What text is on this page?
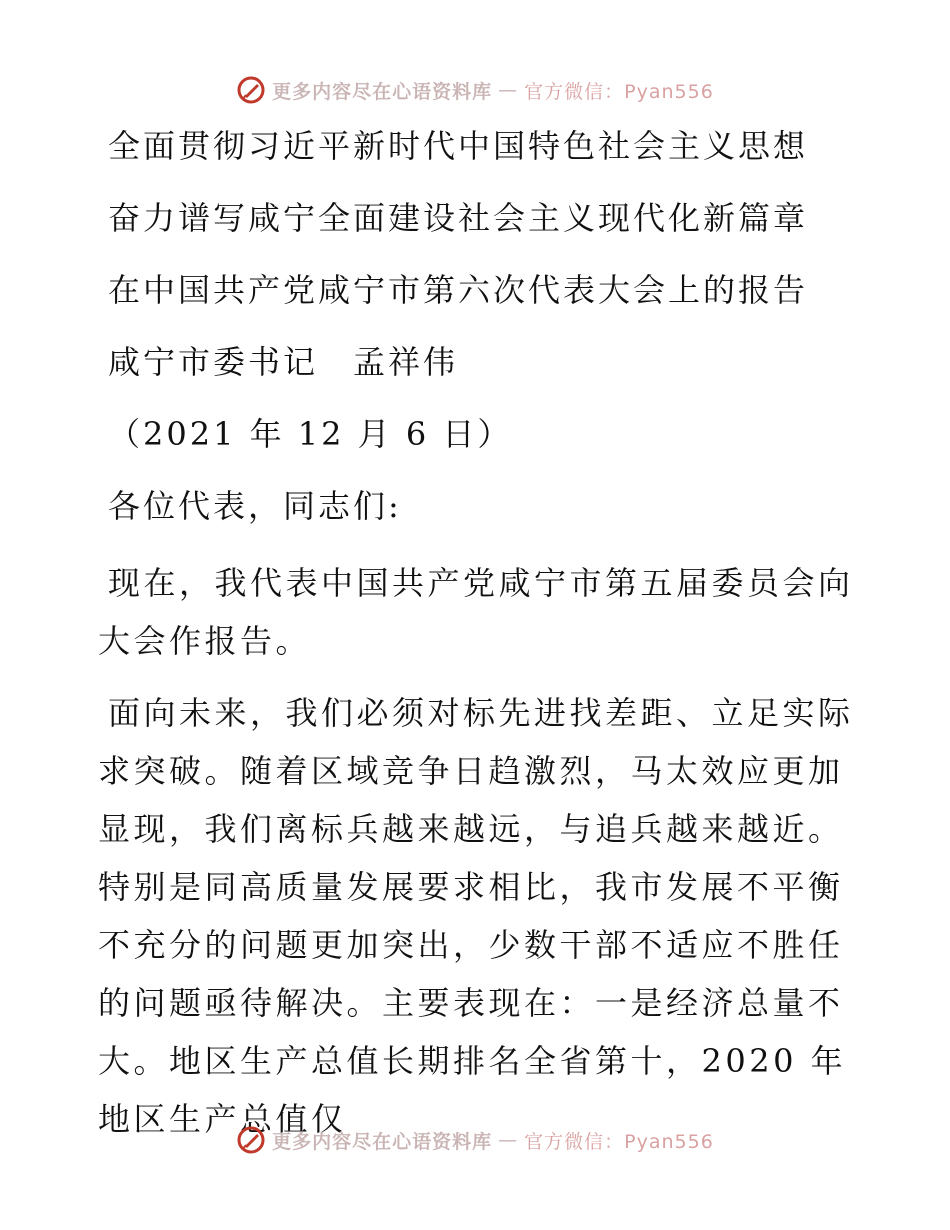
更多内容尽在心语资料库 — 官方微信：Pyan556

全面贯彻习近平新时代中国特色社会主义思想

奋力谱写咸宁全面建设社会主义现代化新篇章

在中国共产党咸宁市第六次代表大会上的报告

咸宁市委书记　孟祥伟

（2021 年 12 月 6 日）

各位代表，同志们:

现在，我代表中国共产党咸宁市第五届委员会向大会作报告。

面向未来，我们必须对标先进找差距、立足实际求突破。随着区域竞争日趋激烈，马太效应更加显现，我们离标兵越来越远，与追兵越来越近。特别是同高质量发展要求相比，我市发展不平衡不充分的问题更加突出，少数干部不适应不胜任的问题亟待解决。主要表现在：一是经济总量不大。地区生产总值长期排名全省第十，2020 年地区生产总值仅

更多内容尽在心语资料库 — 官方微信：Pyan556
